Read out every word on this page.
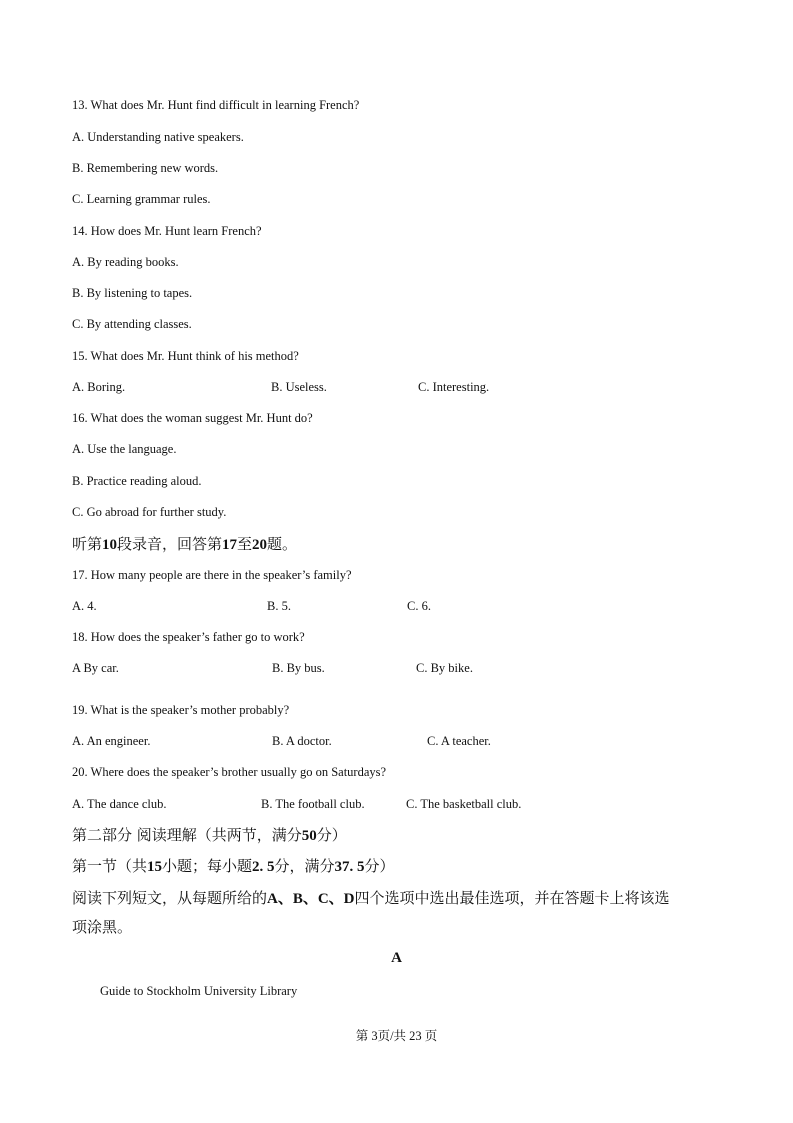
13. What does Mr. Hunt find difficult in learning French?
A. Understanding native speakers.
B. Remembering new words.
C. Learning grammar rules.
14. How does Mr. Hunt learn French?
A. By reading books.
B. By listening to tapes.
C. By attending classes.
15. What does Mr. Hunt think of his method?
A. Boring.	B. Useless.	C. Interesting.
16. What does the woman suggest Mr. Hunt do?
A. Use the language.
B. Practice reading aloud.
C. Go abroad for further study.
听第10段录音，回答第17至20题。
17. How many people are there in the speaker’s family?
A. 4.	B. 5.	C. 6.
18. How does the speaker’s father go to work?
A By car.	B. By bus.	C. By bike.
19. What is the speaker’s mother probably?
A. An engineer.	B. A doctor.	C. A teacher.
20. Where does the speaker’s brother usually go on Saturdays?
A. The dance club.	B. The football club.	C. The basketball club.
第二部分 阅读理解（共两节，满分50分）
第一节（共15小题；每小题2. 5分，满分37. 5分）
阅读下列短文，从每题所给的A、B、C、D四个选项中选出最佳选项，并在答题卡上将该选
项涂黑。
A
Guide to Stockholm University Library
第 3页/共 23 页
